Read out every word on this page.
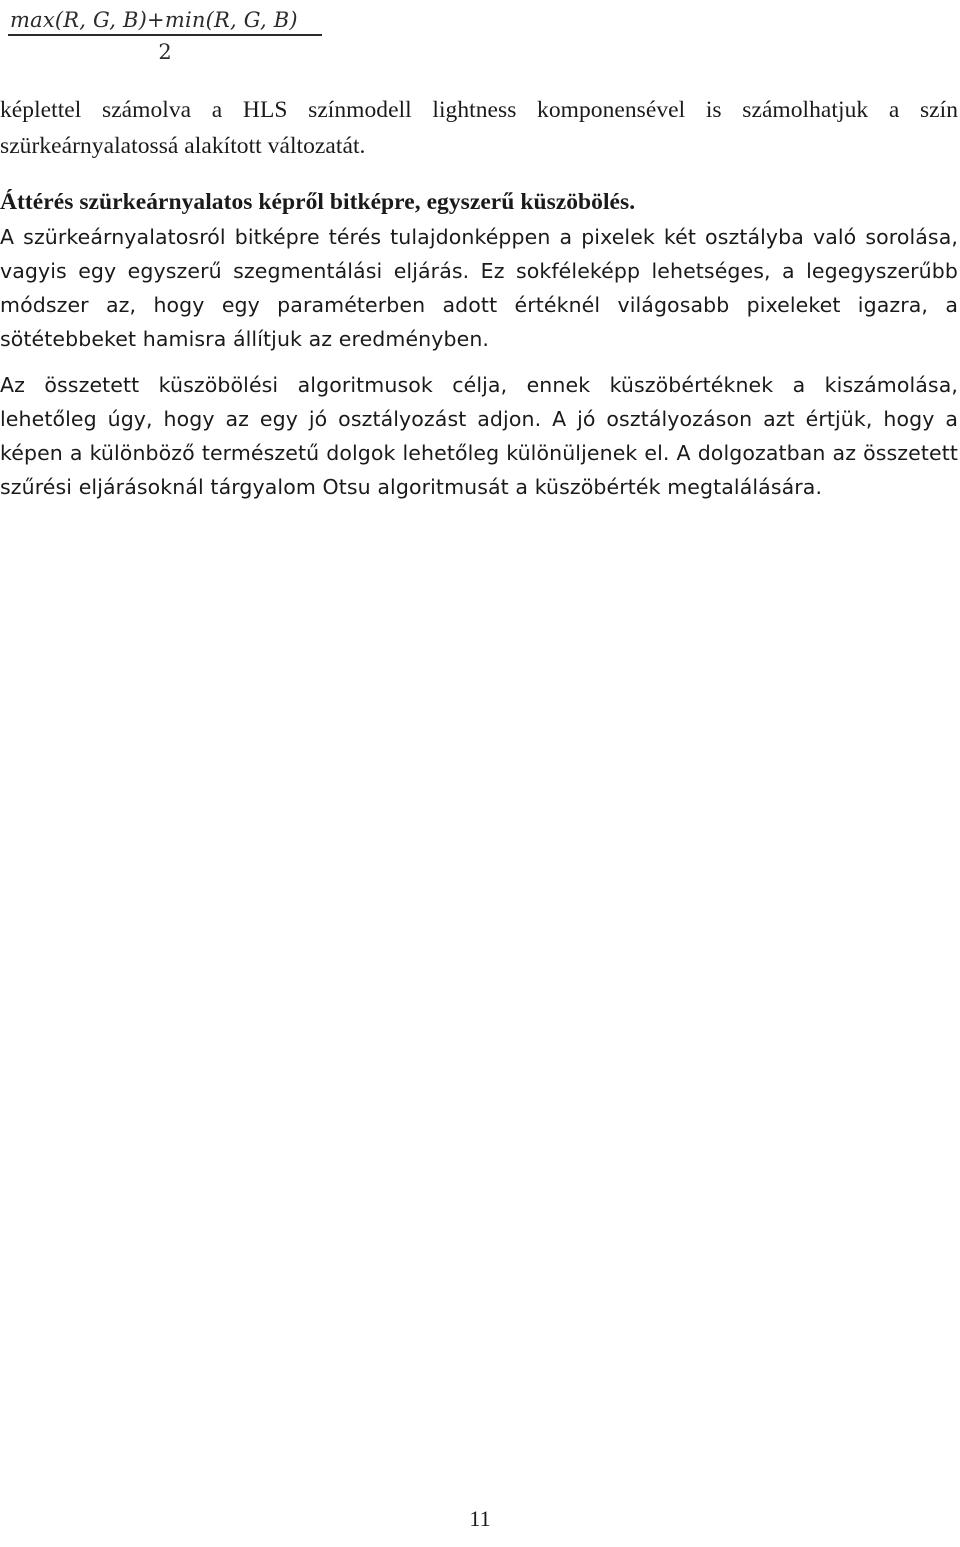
max(R, G, B)+min(R, G, B)
2

képlettel számolva a HLS színmodell lightness komponensével is számolhatjuk a szín szürkeárnyalatossá alakított változatát.

Áttérés szürkeárnyalatos képről bitképre, egyszerű küszöbölés.

A szürkeárnyalatosról bitképre térés tulajdonképpen a pixelek két osztályba való sorolása, vagyis egy egyszerű szegmentálási eljárás. Ez sokféleképp lehetséges, a legegyszerűbb módszer az, hogy egy paraméterben adott értéknél világosabb pixeleket igazra, a sötétebbeket hamisra állítjuk az eredményben.

Az összetett küszöbölési algoritmusok célja, ennek küszöbértéknek a kiszámolása, lehetőleg úgy, hogy az egy jó osztályozást adjon. A jó osztályozáson azt értjük, hogy a képen a különböző természetű dolgok lehetőleg különüljenek el. A dolgozatban az összetett szűrési eljárásoknál tárgyalom Otsu algoritmusát a küszöbérték megtalálására.

11
